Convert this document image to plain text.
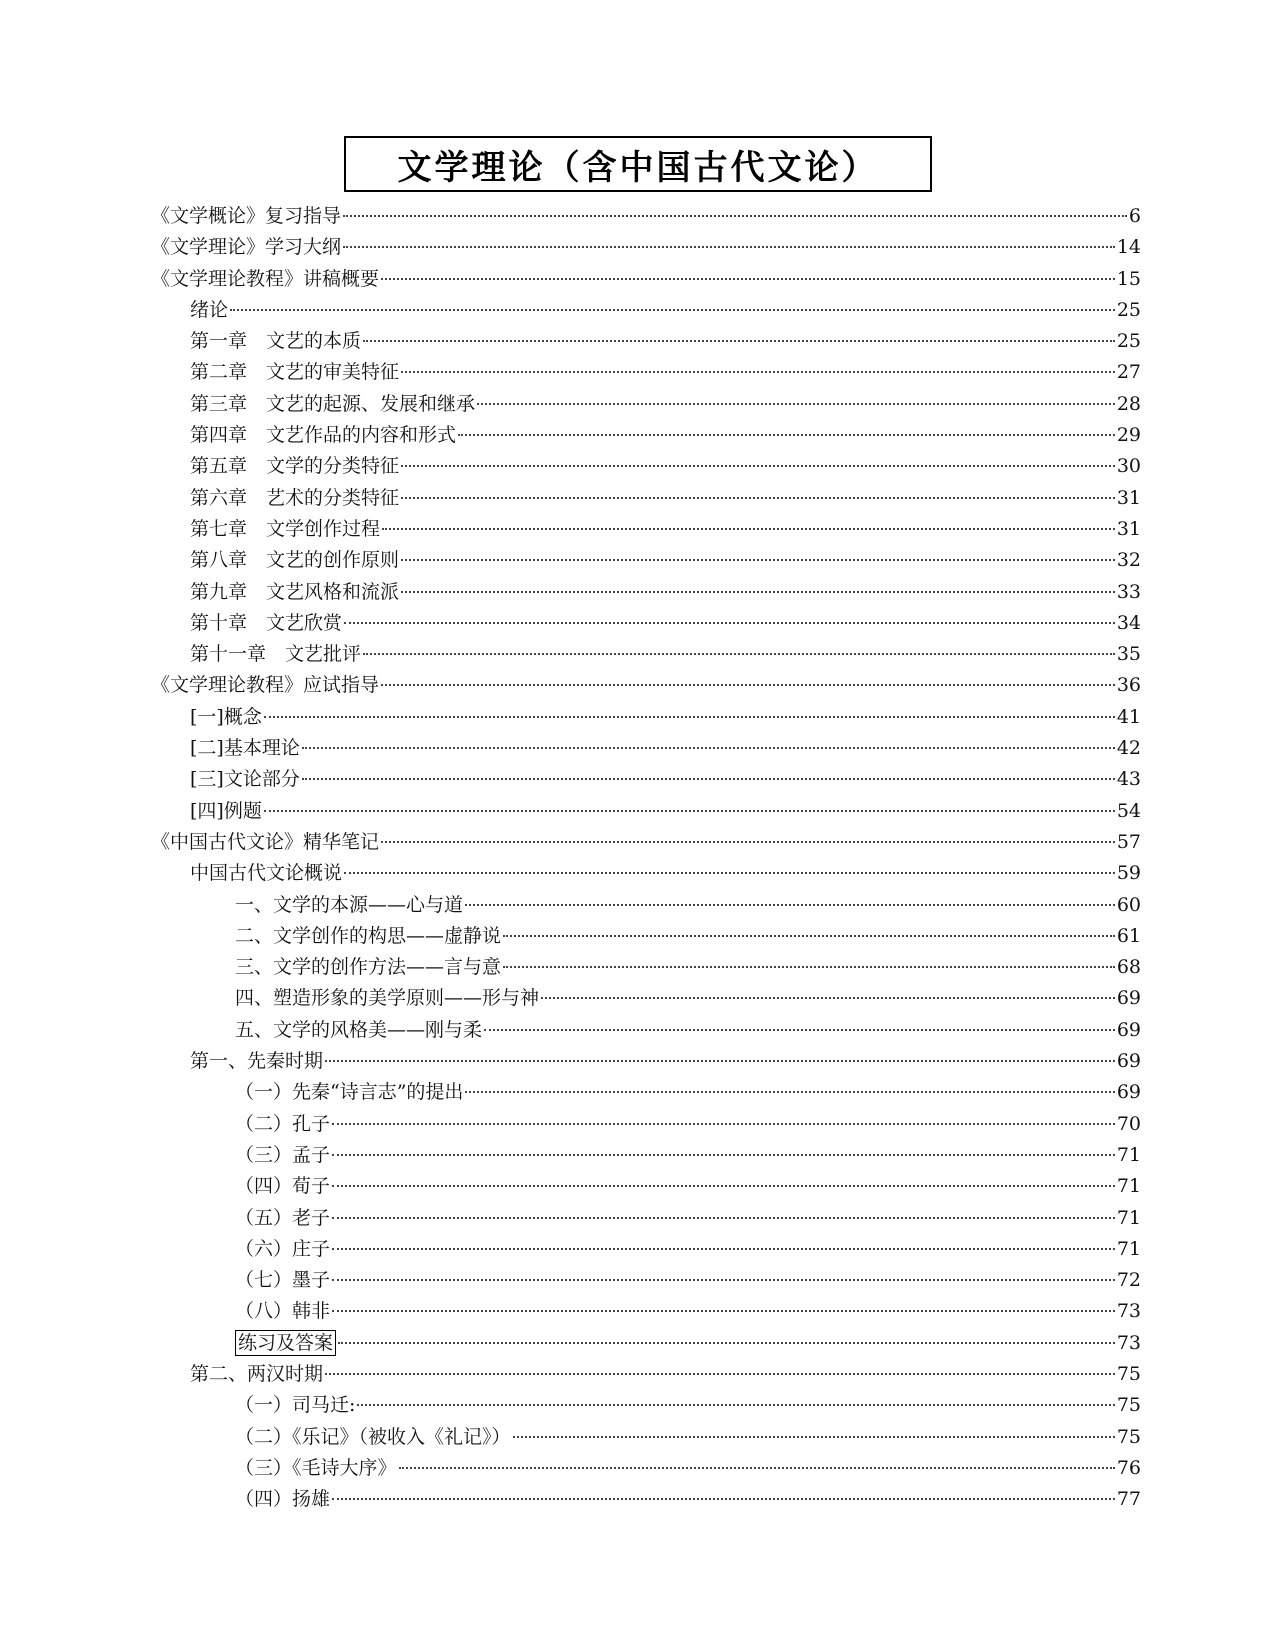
文学理论（含中国古代文论）
《文学概论》复习指导	6
《文学理论》学习大纲	14
《文学理论教程》讲稿概要	15
绪论	25
第一章　文艺的本质	25
第二章　文艺的审美特征	27
第三章　文艺的起源、发展和继承	28
第四章　文艺作品的内容和形式	29
第五章　文学的分类特征	30
第六章　艺术的分类特征	31
第七章　文学创作过程	31
第八章　文艺的创作原则	32
第九章　文艺风格和流派	33
第十章　文艺欣赏	34
第十一章　文艺批评	35
《文学理论教程》应试指导	36
[一]概念	41
[二]基本理论	42
[三]文论部分	43
[四]例题	54
《中国古代文论》精华笔记	57
中国古代文论概说	59
一、文学的本源——心与道	60
二、文学创作的构思——虚静说	61
三、文学的创作方法——言与意	68
四、塑造形象的美学原则——形与神	69
五、文学的风格美——刚与柔	69
第一、先秦时期	69
（一）先秦“诗言志”的提出	69
（二）孔子	70
（三）孟子	71
（四）荀子	71
（五）老子	71
（六）庄子	71
（七）墨子	72
（八）韩非	73
练习及答案	73
第二、两汉时期	75
（一）司马迁:	75
（二）《乐记》（被收入《礼记》）	75
（三）《毛诗大序》	76
（四）扬雄	77
